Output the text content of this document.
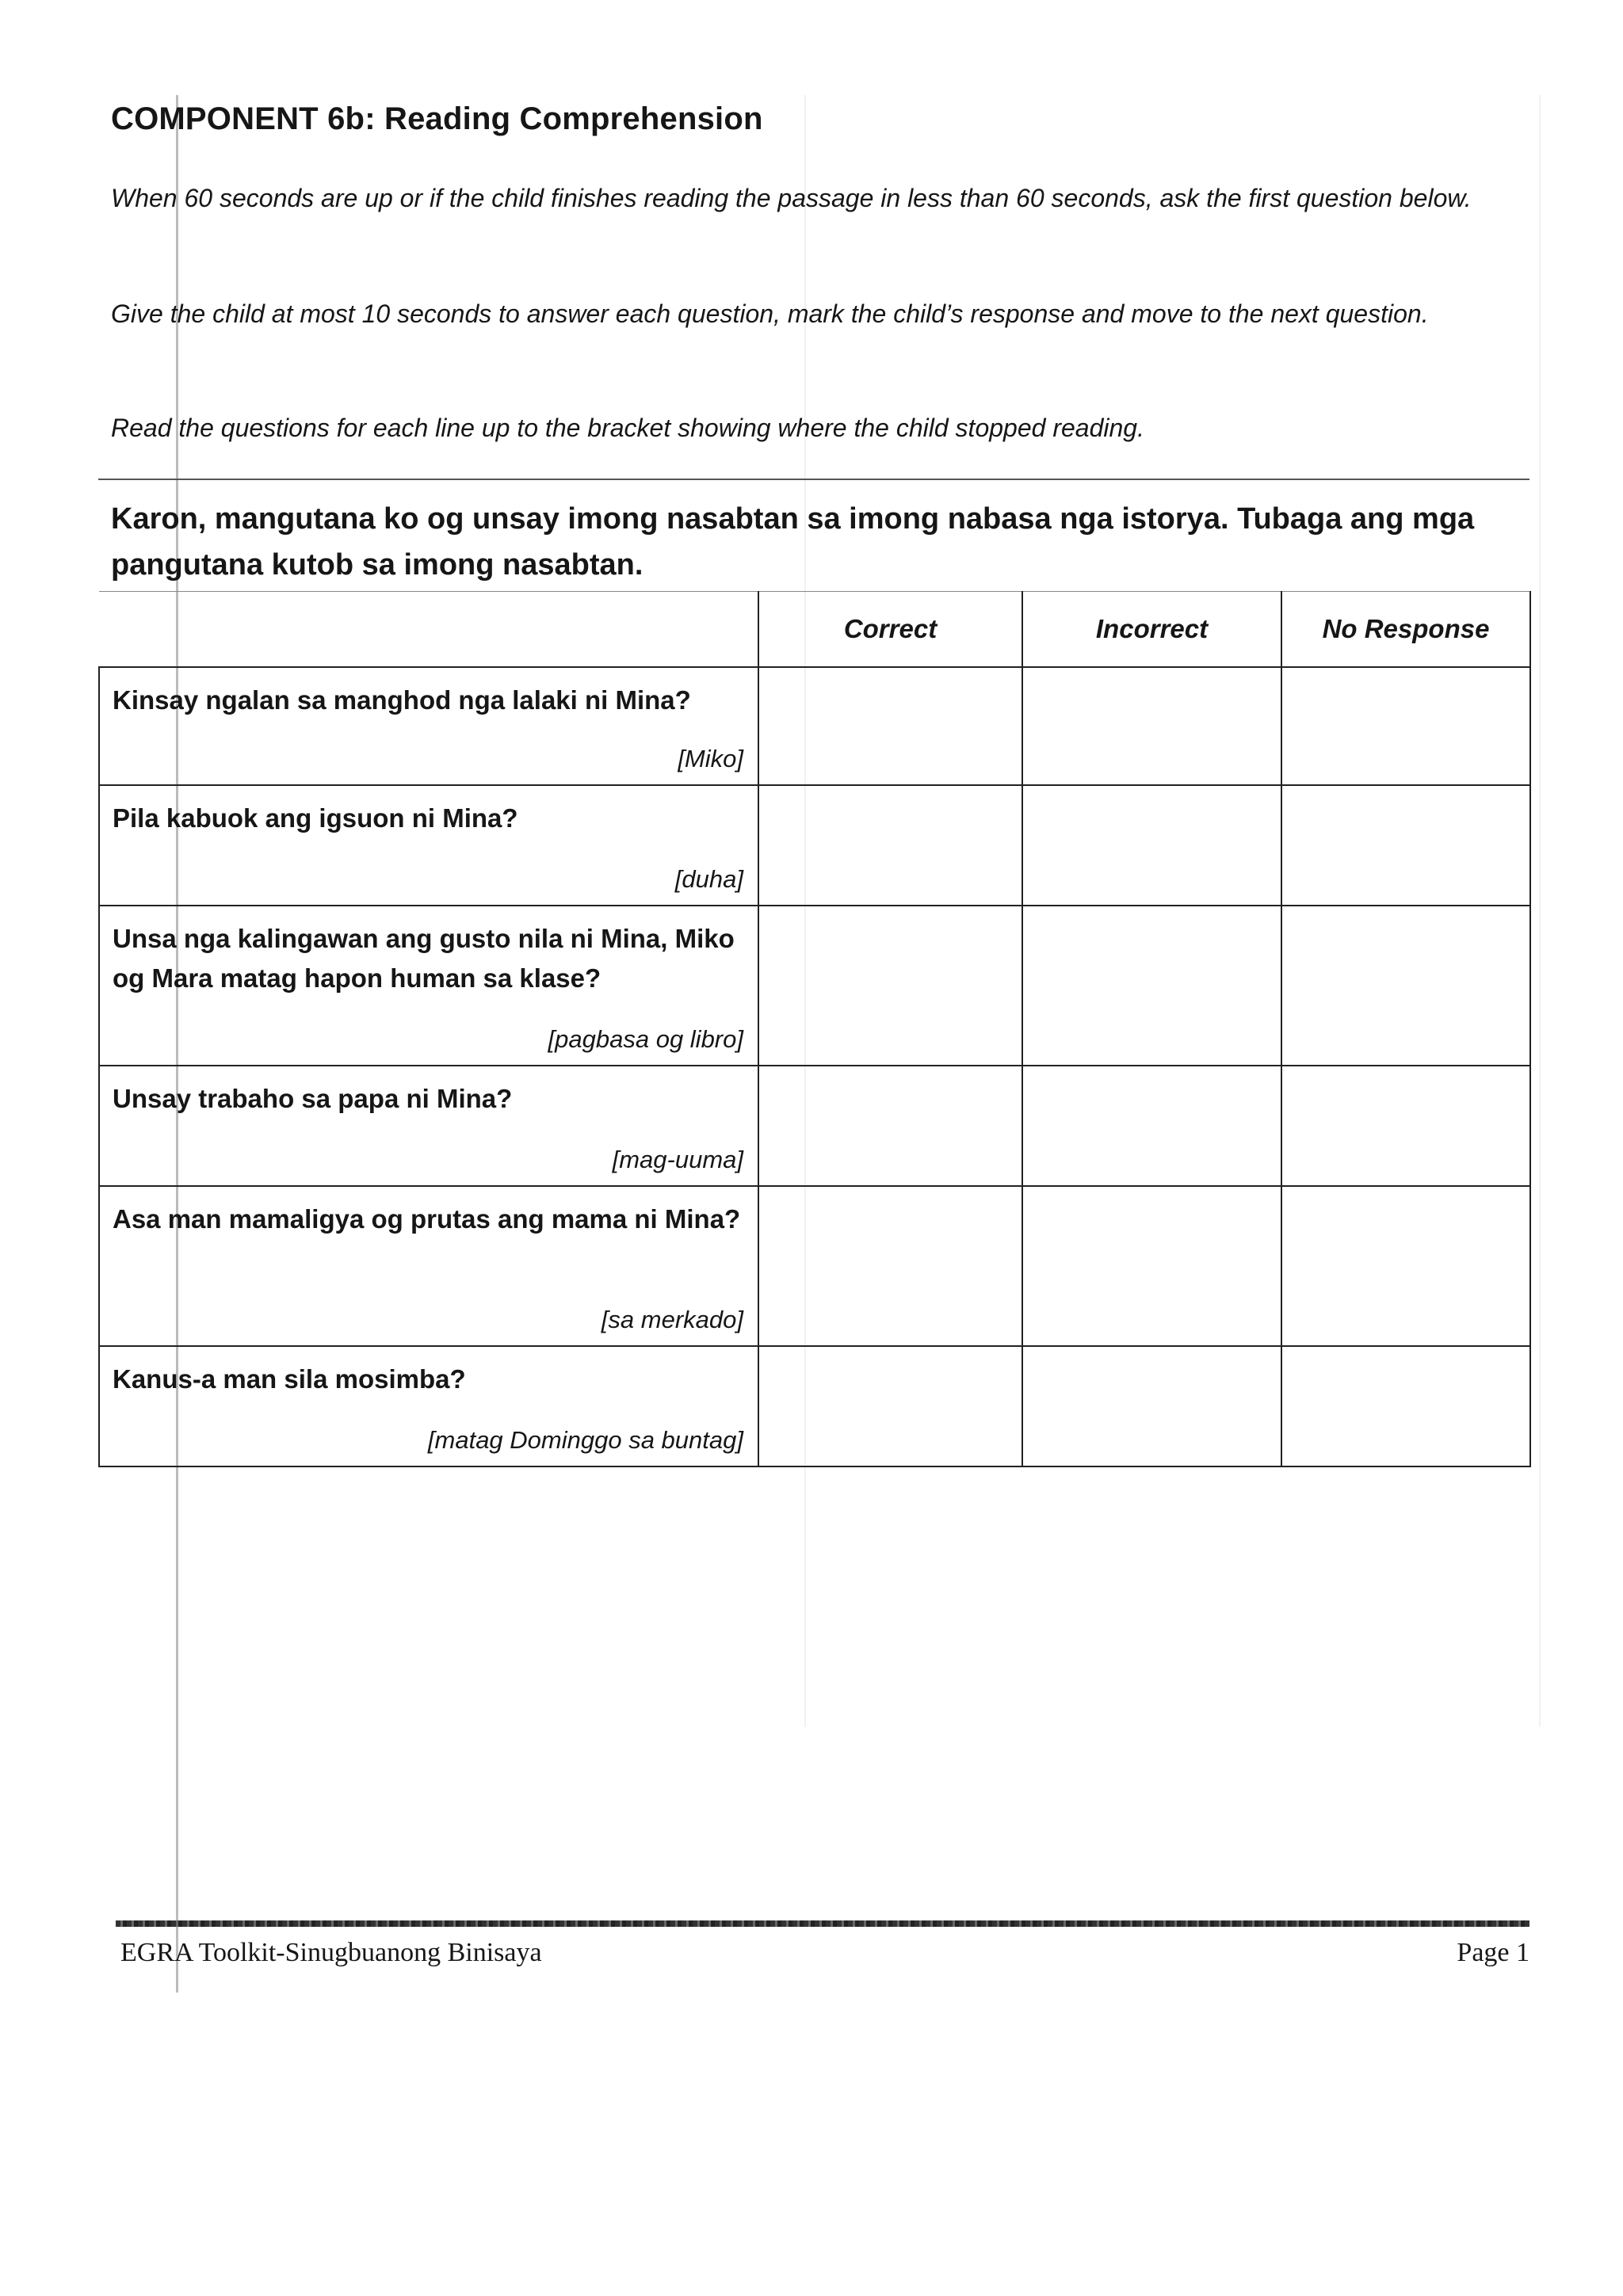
COMPONENT 6b: Reading Comprehension
When 60 seconds are up or if the child finishes reading the passage in less than 60 seconds, ask the first question below.
Give the child at most 10 seconds to answer each question, mark the child’s response and move to the next question.
Read the questions for each line up to the bracket showing where the child stopped reading.
Karon, mangutana ko og unsay imong nasabtan sa imong nabasa nga istorya. Tubaga ang mga pangutana kutob sa imong nasabtan.
	Correct	Incorrect	No Response

Kinsay ngalan sa manghod nga lalaki ni Mina?
[Miko]			

Pila kabuok ang igsuon ni Mina?
[duha]			

Unsa nga kalingawan ang gusto nila ni Mina, Miko og Mara matag hapon human sa klase?
[pagbasa og libro]			

Unsay trabaho sa papa ni Mina?
[mag-uuma]			

Asa man mamaligya og prutas ang mama ni Mina?
[sa merkado]			

Kanus-a man sila mosimba?
[matag Dominggo sa buntag]			

EGRA Toolkit-Sinugbuanong Binisaya	Page 1
